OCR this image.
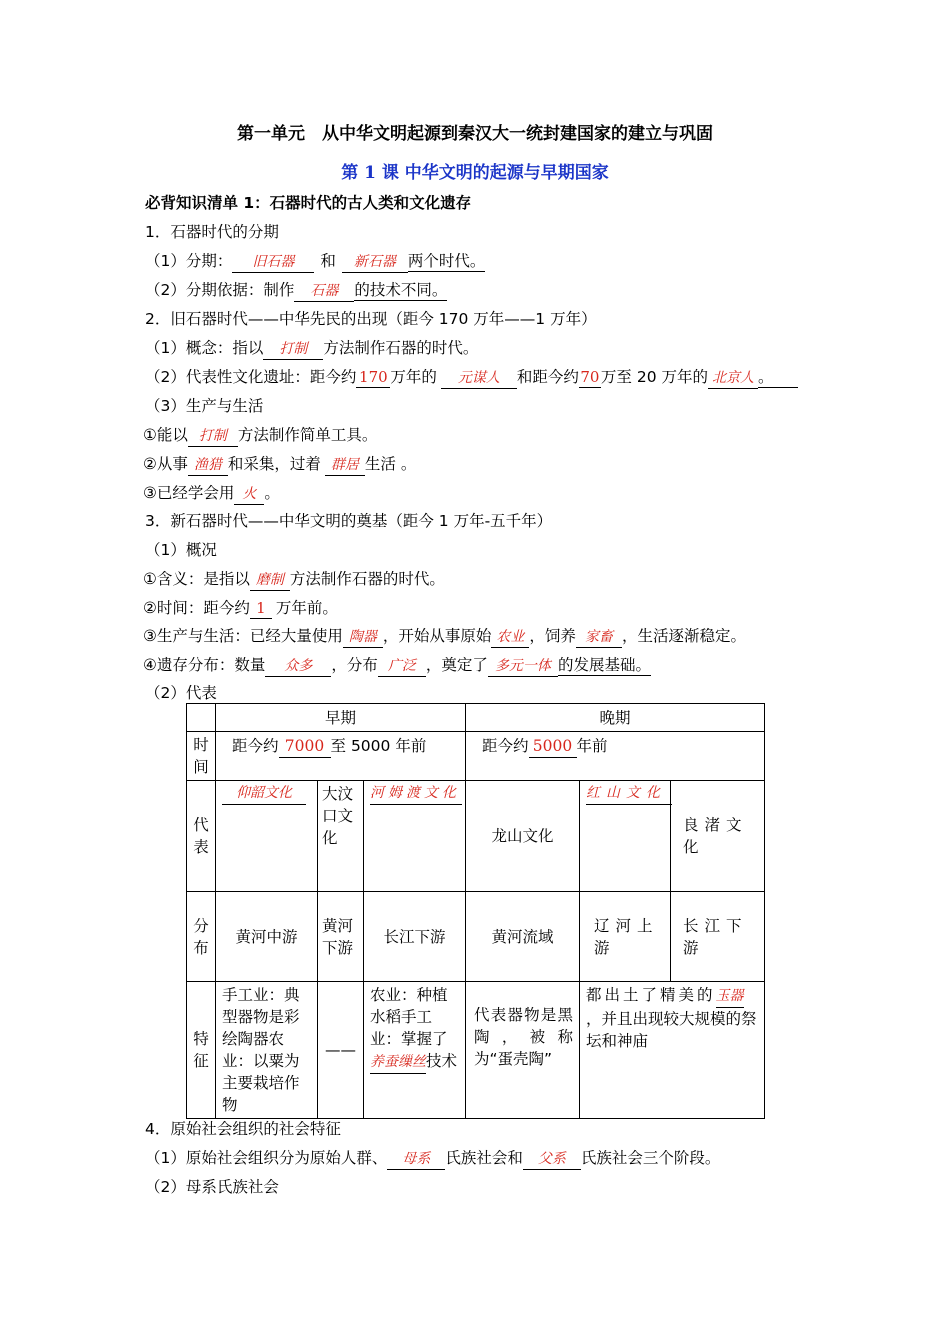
第一单元　从中华文明起源到秦汉大一统封建国家的建立与巩固
第 1 课 中华文明的起源与早期国家
必背知识清单 1：石器时代的古人类和文化遗存
1．石器时代的分期
（1）分期： 旧石器 和 新石器 两个时代。
（2）分期依据：制作 石器 的技术不同。
2．旧石器时代——中华先民的出现（距今 170 万年——1 万年）
（1）概念：指以 打制 方法制作石器的时代。
（2）代表性文化遗址：距今约 170 万年的 元谋人 和距今约70万至 20 万年的 北京人 。
（3）生产与生活
①能以 打制 方法制作简单工具。
②从事 渔猎 和采集，过着 群居 生活 。
③已经学会用 火 。
3．新石器时代——中华文明的奠基（距今 1 万年-五千年）
（1）概况
①含义：是指以 磨制 方法制作石器的时代。
②时间：距今约 1 万年前。
③生产与生活：已经大量使用 陶器 ，开始从事原始 农业 ，饲养 家畜 ，生活逐渐稳定。
④遗存分布：数量 众多 ，分布 广泛 ，奠定了 多元一体 的发展基础。
（2）代表
	早期			晚期		
时间	距今约 7000 至 5000 年前			距今约 5000 年前		
代表	仰韶文化	大汶口文化	河姆渡文化	龙山文化	红山文化	良渚文化
分布	黄河中游	黄河下游	长江下游	黄河流域	辽河上游	长江下游
特征	手工业：典型器物是彩绘陶器农业：以粟为主要栽培作物	——	农业：种植水稻手工业：掌握了养蚕缫丝技术	代表器物是黑陶，被称为“蛋壳陶”	都出土了精美的玉器，并且出现较大规模的祭坛和神庙	
4．原始社会组织的社会特征
（1）原始社会组织分为原始人群、 母系 氏族社会和 父系 氏族社会三个阶段。
（2）母系氏族社会
